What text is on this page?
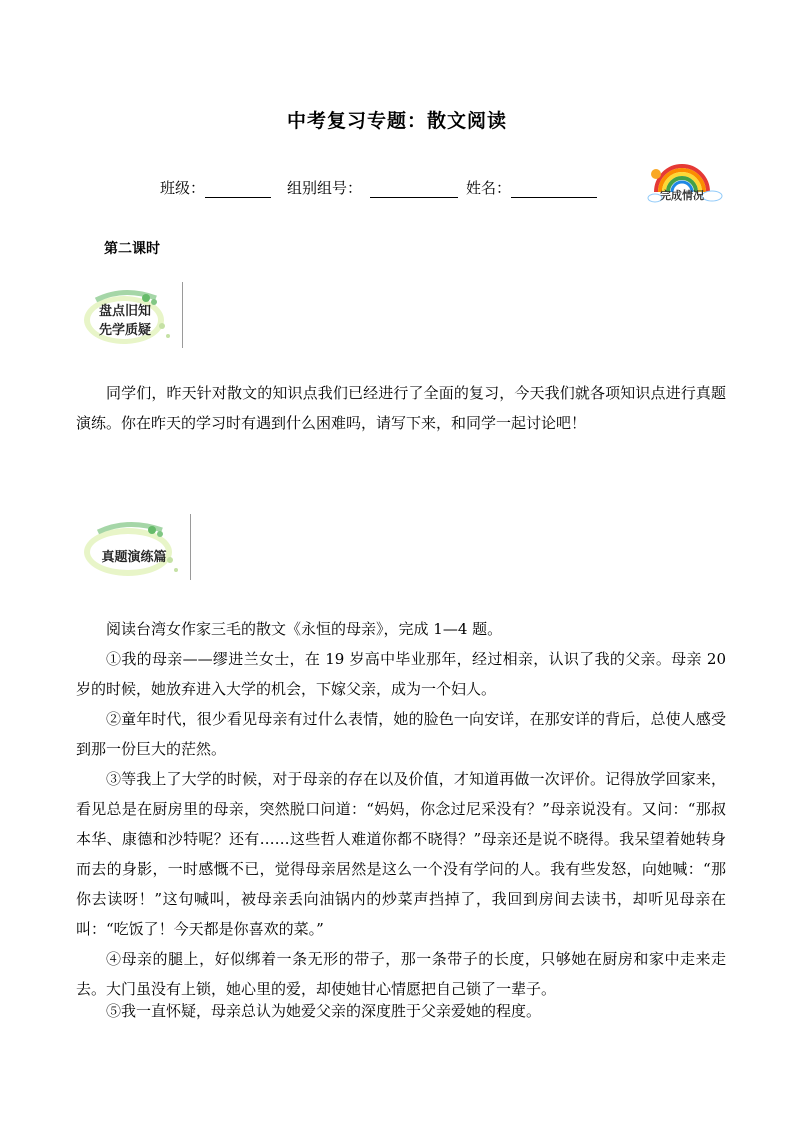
中考复习专题：散文阅读
班级：	组别组号：	姓名：	完成情况
第二课时
盘点旧知
先学质疑

同学们，昨天针对散文的知识点我们已经进行了全面的复习，今天我们就各项知识点进行真题演练。你在昨天的学习时有遇到什么困难吗，请写下来，和同学一起讨论吧！

真题演练篇

阅读台湾女作家三毛的散文《永恒的母亲》，完成 1—4 题。

①我的母亲——缪进兰女士，在 19 岁高中毕业那年，经过相亲，认识了我的父亲。母亲 20 岁的时候，她放弃进入大学的机会，下嫁父亲，成为一个妇人。

②童年时代，很少看见母亲有过什么表情，她的脸色一向安详，在那安详的背后，总使人感受到那一份巨大的茫然。

③等我上了大学的时候，对于母亲的存在以及价值，才知道再做一次评价。记得放学回家来，看见总是在厨房里的母亲，突然脱口问道：“妈妈，你念过尼采没有？”母亲说没有。又问：“那叔本华、康德和沙特呢？还有……这些哲人难道你都不晓得？”母亲还是说不晓得。我呆望着她转身而去的身影，一时感慨不已，觉得母亲居然是这么一个没有学问的人。我有些发怒，向她喊：“那你去读呀！”这句喊叫，被母亲丢向油锅内的炒菜声挡掉了，我回到房间去读书，却听见母亲在叫：“吃饭了！今天都是你喜欢的菜。”

④母亲的腿上，好似绑着一条无形的带子，那一条带子的长度，只够她在厨房和家中走来走去。大门虽没有上锁，她心里的爱，却使她甘心情愿把自己锁了一辈子。

⑤我一直怀疑，母亲总认为她爱父亲的深度胜于父亲爱她的程度。
